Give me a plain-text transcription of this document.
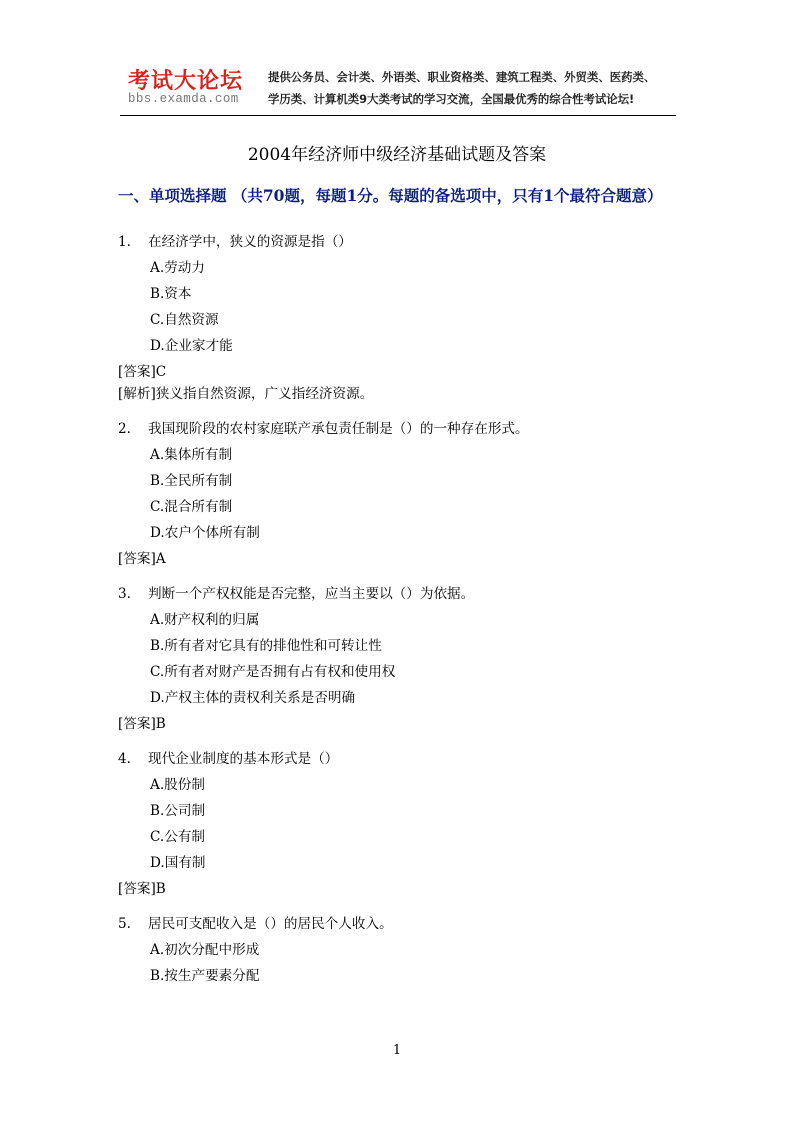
考试大论坛
bbs.examda.com
提供公务员、会计类、外语类、职业资格类、建筑工程类、外贸类、医药类、
学历类、计算机类9大类考试的学习交流，全国最优秀的综合性考试论坛!
2004年经济师中级经济基础试题及答案
一、单项选择题 （共70题，每题1分。每题的备选项中，只有1个最符合题意）
1.	在经济学中，狭义的资源是指（）
A.劳动力
B.资本
C.自然资源
D.企业家才能
[答案]C
[解析]狭义指自然资源，广义指经济资源。
2.	我国现阶段的农村家庭联产承包责任制是（）的一种存在形式。
A.集体所有制
B.全民所有制
C.混合所有制
D.农户个体所有制
[答案]A
3.	判断一个产权权能是否完整，应当主要以（）为依据。
A.财产权利的归属
B.所有者对它具有的排他性和可转让性
C.所有者对财产是否拥有占有权和使用权
D.产权主体的责权利关系是否明确
[答案]B
4.	现代企业制度的基本形式是（）
A.股份制
B.公司制
C.公有制
D.国有制
[答案]B
5.	居民可支配收入是（）的居民个人收入。
A.初次分配中形成
B.按生产要素分配
1
